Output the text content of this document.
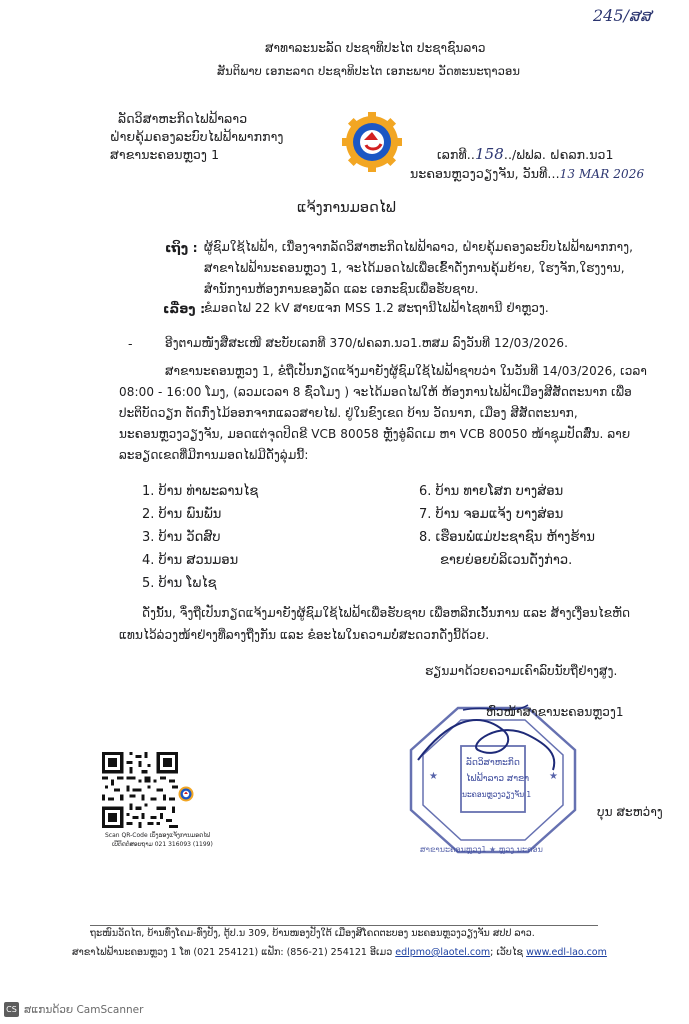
245/ສສ
ສາທາລະນະລັດ ປະຊາທິປະໄຕ ປະຊາຊົນລາວ
ສັນຕິພາບ ເອກະລາດ ປະຊາທິປະໄຕ ເອກະພາບ ວັດທະນະຖາວອນ
ລັດວິສາຫະກິດໄຟຟ້າລາວ
ຝ່າຍຄຸ້ມຄອງລະບົບໄຟຟ້າພາກກາງ
ສາຂານະຄອນຫຼວງ 1	ເລກທີ..158../ຟຟລ. ຝຄລກ.ນວ1
ນະຄອນຫຼວງວຽງຈັນ, ວັນທີ...13 MAR 2026
ແຈ້ງການມອດໄຟ
ເຖິງ : ຜູ້ຊົມໃຊ້ໄຟຟ້າ, ເນື່ອງຈາກລັດວິສາຫະກິດໄຟຟ້າລາວ, ຝ່າຍຄຸ້ມຄອງລະບົບໄຟຟ້າພາກກາງ,
ສາຂາໄຟຟ້ານະຄອນຫຼວງ 1, ຈະໄດ້ມອດໄຟເພື່ອເຂົ້າດັ່ງການຄຸ້ມຍ້າຍ, ໃຮງຈັກ,ໃຮງງານ,
ສຳນັກງານຫ້ອງການຂອງລັດ ແລະ ເອກະຊົນເພື່ອຮັບຊາບ.
ເລື່ອງ :
ຂໍມອດໄຟ 22 kV ສາຍແຈກ MSS 1.2 ສະຖານີໄຟຟ້າໄຊທານີ ຢ່າຫຼວງ.
-	ອີງຕາມໜັງສືສະເໜີ ສະບັບເລກທີ 370/ຝຄລກ.ນວ1.ຫສມ ລົງວັນທີ 12/03/2026.
ສາຂານະຄອນຫຼວງ 1, ຂໍຖືເປັນກຽດແຈ້ງມາຍັງຜູ້ຊົມໃຊ້ໄຟຟ້າຊາບວ່າ ໃນວັນທີ 14/03/2026, ເວລາ
08:00 - 16:00 ໂມງ, (ລວມເວລາ 8 ຊົ່ວໂມງ ) ຈະໄດ້ມອດໄຟໃຫ້ ຫ້ອງການໄຟຟ້າເມືອງສີສັດຕະນາກ ເພື່ອ
ປະຕິບັດວຽກ ຕັດກົ່ງໄມ້ອອກຈາກແລວສາຍໄຟ. ຢູ່ໃນຂົງເຂດ ບ້ານ ວັດນາກ, ເມືອງ ສີສັດຕະນາກ,
ນະຄອນຫຼວງວຽງຈັນ, ມອດແຕ່ຈຸດປິດຂີ VCB 80058 ຫຼັງອູ່ລົດເມ ຫາ VCB 80050 ໜ້າຊຸມປັດສົ່ນ. ລາຍ
ລະອຽດເຂດທີ່ມີການມອດໄຟມີດັ່ງລຸ່ມນີ້:
1. ບ້ານ ທ່າພະລານໄຊ
2. ບ້ານ ພົນພັນ
3. ບ້ານ ວັດສົບ
4. ບ້ານ ສວນມອນ
5. ບ້ານ ໂພໄຊ
6. ບ້ານ ທາຍໂສກ ບາງສ່ອນ
7. ບ້ານ ຈອມແຈ້ງ ບາງສ່ອນ
8. ເຮືອນພໍ່ແມ່ປະຊາຊົນ ຫ້າງຮ້ານ
ຂາຍຍ່ອຍບໍລິເວນດັ່ງກ່າວ.
ດັ່ງນັ້ນ, ຈຶ່ງຖືເປັນກຽດແຈ້ງມາຍັງຜູ້ຊົມໃຊ້ໄຟຟ້າເພື່ອຮັບຊາບ ເພື່ອຫລີກເວັ້ນການ ແລະ ສ້າງເງື່ອນໄຂຫັດ
ແທນໄວ້ລ່ວງໜ້າຢ່າງທີ່ລາງຖືງກັນ ແລະ ຂໍອະໄພໃນຄວາມບໍ່ສະດວກດັ່ງນີ້ດ້ວຍ.
ຮຽນມາດ້ວຍຄວາມເຄົາລົບນັບຖືຢ່າງສູງ.
★	★
ລັດວິສາຫະກິດ
ໄຟຟ້າລາວ ສາຂາ
ນະຄອນຫຼວງວຽງຈັນ 1
ສາຂານະຄອນຫຼວງ1 ★ ຫຼວງ ນະຄອນ
ຫົວໜ້າສາຂານະຄອນຫຼວງ1
ບຸນ ສະຫວ່າງ
Scan QR-Code ເບິ່ງຮອງແຈ້ງການມອດໄຟ
ເບີຕິດຕໍ່ສອບຖາມ 021 316093 (1199)
ຖະໜົນວັດໄຕ, ບ້ານທົ່ງໂຄມ-ທົ່ງປັງ, ຕູ້ປ.ນ 309, ບ້ານໜອງປັງໃຕ້ ເມືອງສີໂຄດຕະບອງ ນະຄອນຫຼວງວຽງຈັນ ສປປ ລາວ.
ສາຂາໄຟຟ້ານະຄອນຫຼວງ 1 ໂທ (021 254121) ແຟັກ: (856-21) 254121 ອີເມວ edlpmo@laotel.com; ເວັບໄຊ www.edl-lao.com
CS ສແກນດ້ວຍ CamScanner
